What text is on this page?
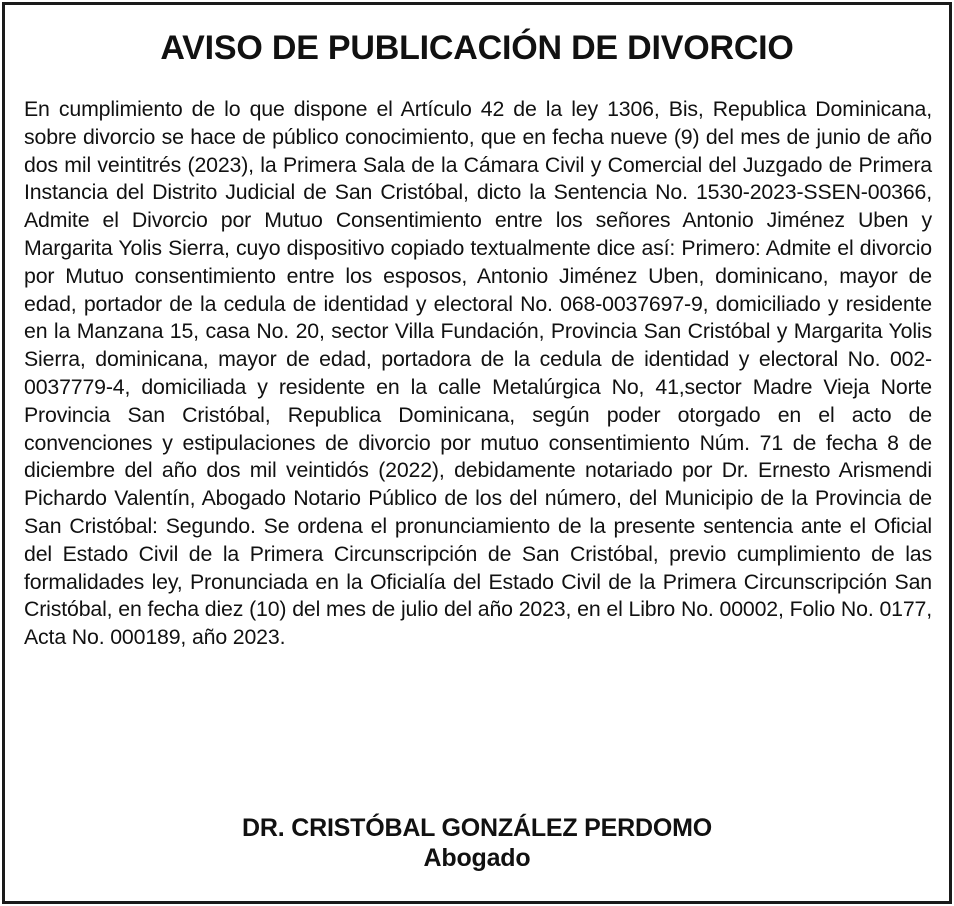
AVISO DE PUBLICACIÓN DE DIVORCIO

En cumplimiento de lo que dispone el Artículo 42 de la ley 1306, Bis, Republica Dominicana, sobre divorcio se hace de público conocimiento, que en fecha nueve (9) del mes de junio de año dos mil veintitrés (2023), la Primera Sala de la Cámara Civil y Comercial del Juzgado de Primera Instancia del Distrito Judicial de San Cristóbal, dicto la Sentencia No. 1530-2023-SSEN-00366, Admite el Divorcio por Mutuo Consentimiento entre los señores Antonio Jiménez Uben y Margarita Yolis Sierra, cuyo dispositivo copiado textualmente dice así: Primero: Admite el divorcio por Mutuo consentimiento entre los esposos, Antonio Jiménez Uben, dominicano, mayor de edad, portador de la cedula de identidad y electoral No. 068-0037697-9, domiciliado y residente en la Manzana 15, casa No. 20, sector Villa Fundación, Provincia San Cristóbal y Margarita Yolis Sierra, dominicana, mayor de edad, portadora de la cedula de identidad y electoral No. 002-0037779-4, domiciliada y residente en la calle Metalúrgica No, 41,sector Madre Vieja Norte Provincia San Cristóbal, Republica Dominicana, según poder otorgado en el acto de convenciones y estipulaciones de divorcio por mutuo consentimiento Núm. 71 de fecha 8 de diciembre del año dos mil veintidós (2022), debidamente notariado por Dr. Ernesto Arismendi Pichardo Valentín, Abogado Notario Público de los del número, del Municipio de la Provincia de San Cristóbal: Segundo. Se ordena el pronunciamiento de la presente sentencia ante el Oficial del Estado Civil de la Primera Circunscripción de San Cristóbal, previo cumplimiento de las formalidades ley, Pronunciada en la Oficialía del Estado Civil de la Primera Circunscripción San Cristóbal, en fecha diez (10) del mes de julio del año 2023, en el Libro No. 00002, Folio No. 0177, Acta No. 000189, año 2023.

DR. CRISTÓBAL GONZÁLEZ PERDOMO
Abogado
